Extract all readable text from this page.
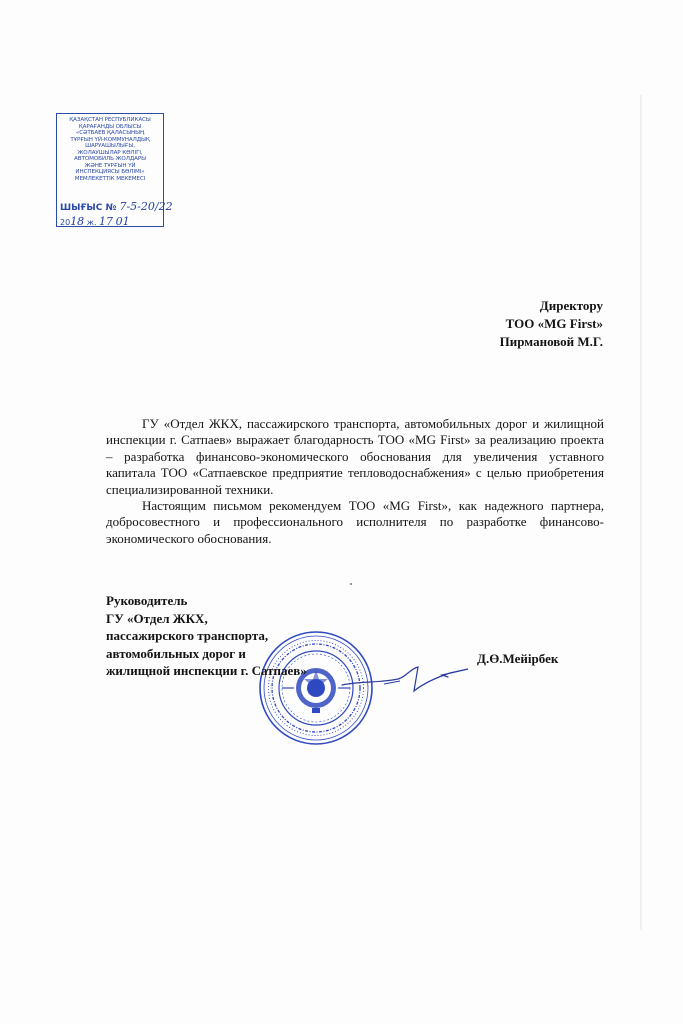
ҚАЗАҚСТАН РЕСПУБЛИКАСЫ
ҚАРАҒАНДЫ ОБЛЫСЫ
«СӘТБАЕВ ҚАЛАСЫНЫҢ
ТҰРҒЫН ҮЙ-КОММУНАЛДЫҚ
ШАРУАШЫЛЫҒЫ,
ЖОЛАУШЫЛАР КӨЛІГІ,
АВТОМОБИЛЬ ЖОЛДАРЫ
ЖӘНЕ ТҰРҒЫН ҮЙ
ИНСПЕКЦИЯСЫ БӨЛІМІ»
МЕМЛЕКЕТТІК МЕКЕМЕСІ
ШЫҒЫС № 7-5-20/22
2018 ж. 17 01
Директору
ТОО «MG First»
Пирмановой М.Г.

ГУ «Отдел ЖКХ, пассажирского транспорта, автомобильных дорог и жилищной инспекции г. Сатпаев» выражает благодарность ТОО «MG First» за реализацию проекта – разработка финансово-экономического обоснования для увеличения уставного капитала ТОО «Сатпаевское предприятие тепловодоснабжения» с целью приобретения специализированной техники.

Настоящим письмом рекомендуем ТОО «MG First», как надежного партнера, добросовестного и профессионального исполнителя по разработке финансово-экономического обоснования.

Руководитель
ГУ «Отдел ЖКХ,
пассажирского транспорта,
автомобильных дорог и
жилищной инспекции г. Сатпаев»
Д.Ө.Мейірбек
